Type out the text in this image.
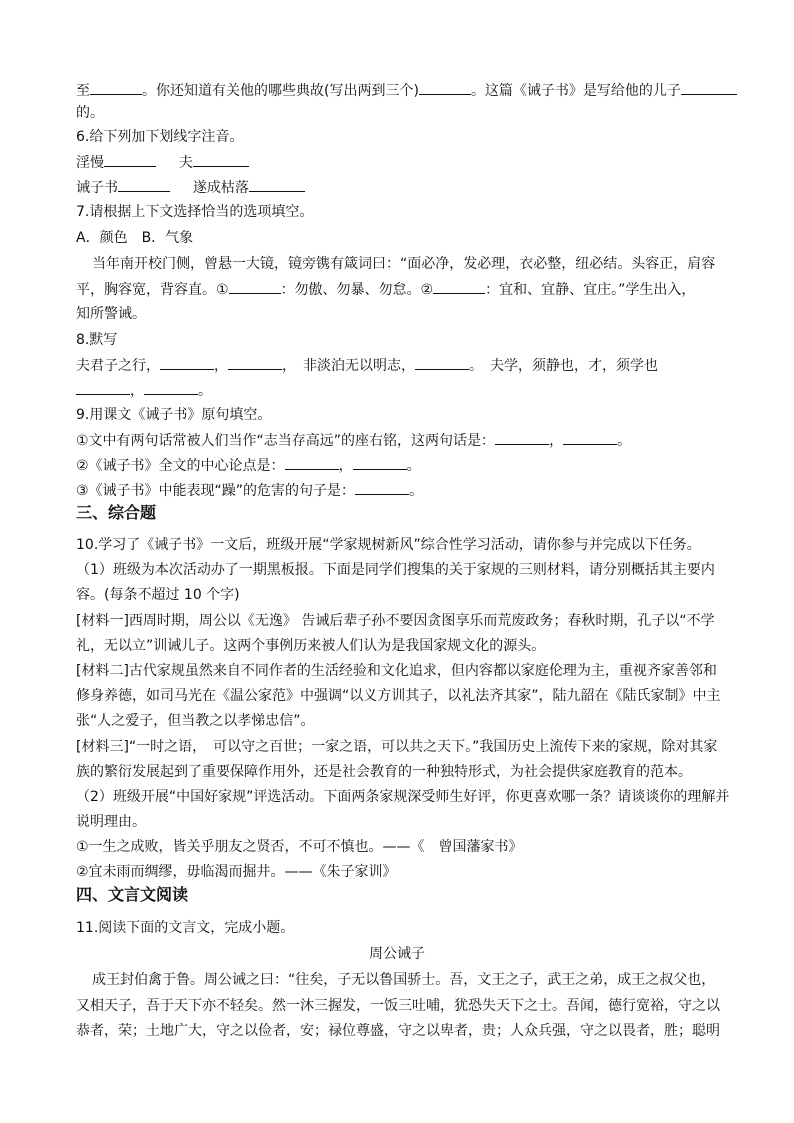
至	。你还知道有关他的哪些典故(写出两到三个)	。这篇《诫子书》是写给他的儿子
的。
6.给下列加下划线字注音。
淫慢	夫
诫子书	遂成枯落
7.请根据上下文选择恰当的选项填空。
A．颜色　B．气象
当年南开校门侧，曾悬一大镜，镜旁镌有箴词曰：“面必净，发必理，衣必整，纽必结。头容正，肩容
平，胸容宽，背容直。①	：勿傲、勿暴、勿怠。②	：宜和、宜静、宜庄。”学生出入，
知所警诫。
8.默写
夫君子之行，	，	，　非淡泊无以明志，	。　夫学，须静也，才，须学也
，	。
9.用课文《诫子书》原句填空。
①文中有两句话常被人们当作“志当存高远”的座右铭，这两句话是：	，	。
②《诫子书》全文的中心论点是：	，	。
③《诫子书》中能表现“躁”的危害的句子是：	。
三、综合题
10.学习了《诫子书》一文后，班级开展“学家规树新风”综合性学习活动，请你参与并完成以下任务。
（1）班级为本次活动办了一期黑板报。下面是同学们搜集的关于家规的三则材料，请分别概括其主要内
容。(每条不超过 10 个字)
[材料一]西周时期，周公以《无逸》 告诫后辈子孙不要因贪图享乐而荒废政务；春秋时期，孔子以“不学
礼，无以立”训诫儿子。这两个事例历来被人们认为是我国家规文化的源头。
[材料二]古代家规虽然来自不同作者的生活经验和文化追求，但内容都以家庭伦理为主，重视齐家善邻和
修身养德，如司马光在《温公家范》中强调“以义方训其子，以礼法齐其家”，陆九韶在《陆氏家制》中主
张“人之爱子，但当教之以孝悌忠信”。
[材料三]“一时之语，　可以守之百世；一家之语，可以共之天下。”我国历史上流传下来的家规，除对其家
族的繁衍发展起到了重要保障作用外，还是社会教育的一种独特形式，为社会提供家庭教育的范本。
（2）班级开展“中国好家规”评选活动。下面两条家规深受师生好评，你更喜欢哪一条？请谈谈你的理解并
说明理由。
①一生之成败，皆关乎朋友之贤否，不可不慎也。——《　曾国藩家书》
②宜未雨而绸缪，毋临渴而掘井。——《朱子家训》
四、文言文阅读
11.阅读下面的文言文，完成小题。
周公诫子
成王封伯禽于鲁。周公诫之曰：“往矣，子无以鲁国骄士。吾，文王之子，武王之弟，成王之叔父也，
又相天子，吾于天下亦不轻矣。然一沐三握发，一饭三吐哺，犹恐失天下之士。吾闻，德行宽裕，守之以
恭者，荣；土地广大，守之以俭者，安；禄位尊盛，守之以卑者，贵；人众兵强，守之以畏者，胜；聪明
